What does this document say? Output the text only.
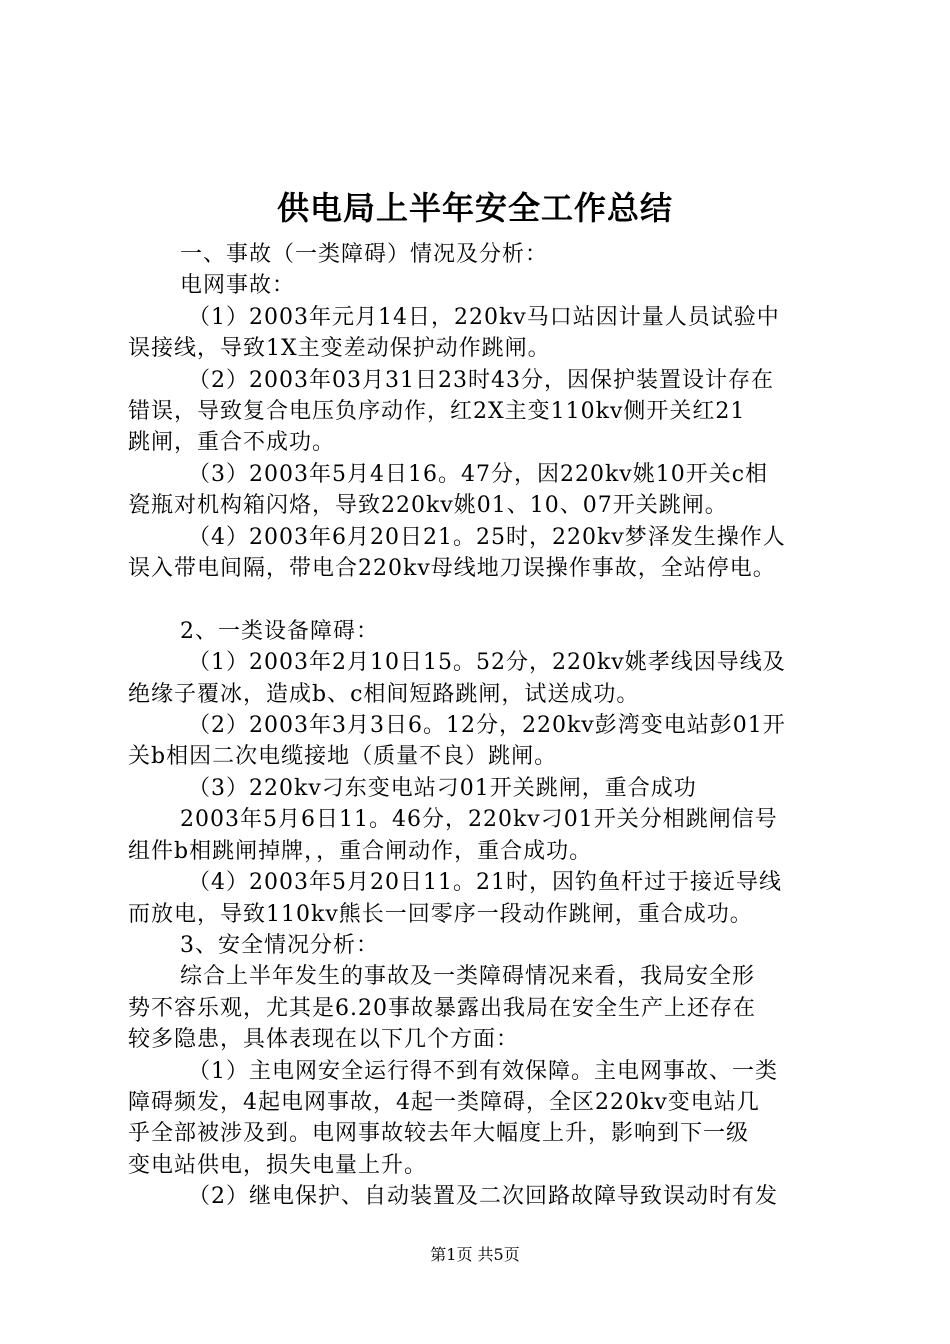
供电局上半年安全工作总结

一、事故（一类障碍）情况及分析：

电网事故：

（1）2003年元月14日，220kv马口站因计量人员试验中

误接线，导致1X主变差动保护动作跳闸。

（2）2003年03月31日23时43分，因保护装置设计存在

错误，导致复合电压负序动作，红2X主变110kv侧开关红21

跳闸，重合不成功。

（3）2003年5月4日16。47分，因220kv姚10开关c相

瓷瓶对机构箱闪烙，导致220kv姚01、10、07开关跳闸。

（4）2003年6月20日21。25时，220kv梦泽发生操作人

误入带电间隔，带电合220kv母线地刀误操作事故，全站停电。

2、一类设备障碍：

（1）2003年2月10日15。52分，220kv姚孝线因导线及

绝缘子覆冰，造成b、c相间短路跳闸，试送成功。

（2）2003年3月3日6。12分，220kv彭湾变电站彭01开

关b相因二次电缆接地（质量不良）跳闸。

（3）220kv刁东变电站刁01开关跳闸，重合成功

2003年5月6日11。46分，220kv刁01开关分相跳闸信号

组件b相跳闸掉牌，，重合闸动作，重合成功。

（4）2003年5月20日11。21时，因钓鱼杆过于接近导线

而放电，导致110kv熊长一回零序一段动作跳闸，重合成功。

3、安全情况分析：

综合上半年发生的事故及一类障碍情况来看，我局安全形

势不容乐观，尤其是6.20事故暴露出我局在安全生产上还存在

较多隐患，具体表现在以下几个方面：

（1）主电网安全运行得不到有效保障。主电网事故、一类

障碍频发，4起电网事故，4起一类障碍，全区220kv变电站几

乎全部被涉及到。电网事故较去年大幅度上升，影响到下一级

变电站供电，损失电量上升。

（2）继电保护、自动装置及二次回路故障导致误动时有发

第1页 共5页
